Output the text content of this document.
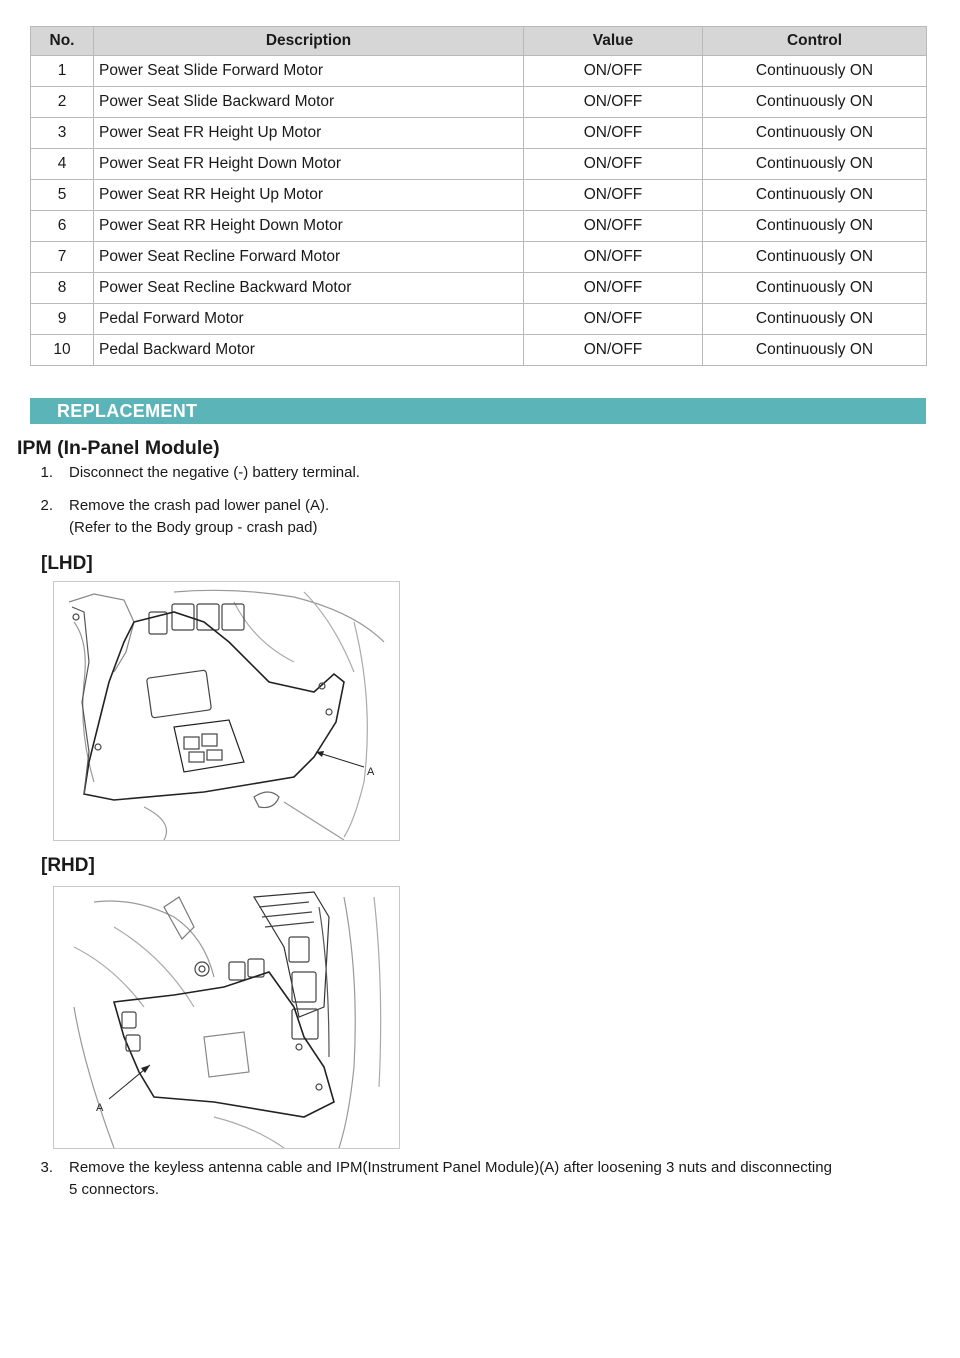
No.	Description	Value	Control
1	Power Seat Slide Forward Motor	ON/OFF	Continuously ON
2	Power Seat Slide Backward Motor	ON/OFF	Continuously ON
3	Power Seat FR Height Up Motor	ON/OFF	Continuously ON
4	Power Seat FR Height Down Motor	ON/OFF	Continuously ON
5	Power Seat RR Height Up Motor	ON/OFF	Continuously ON
6	Power Seat RR Height Down Motor	ON/OFF	Continuously ON
7	Power Seat Recline Forward Motor	ON/OFF	Continuously ON
8	Power Seat Recline Backward Motor	ON/OFF	Continuously ON
9	Pedal Forward Motor	ON/OFF	Continuously ON
10	Pedal Backward Motor	ON/OFF	Continuously ON
REPLACEMENT
IPM (In-Panel Module)
1. Disconnect the negative (-) battery terminal.
2. Remove the crash pad lower panel (A).
(Refer to the Body group - crash pad)
[LHD]
A
[RHD]
A
3. Remove the keyless antenna cable and IPM(Instrument Panel Module)(A) after loosening 3 nuts and disconnecting
5 connectors.
